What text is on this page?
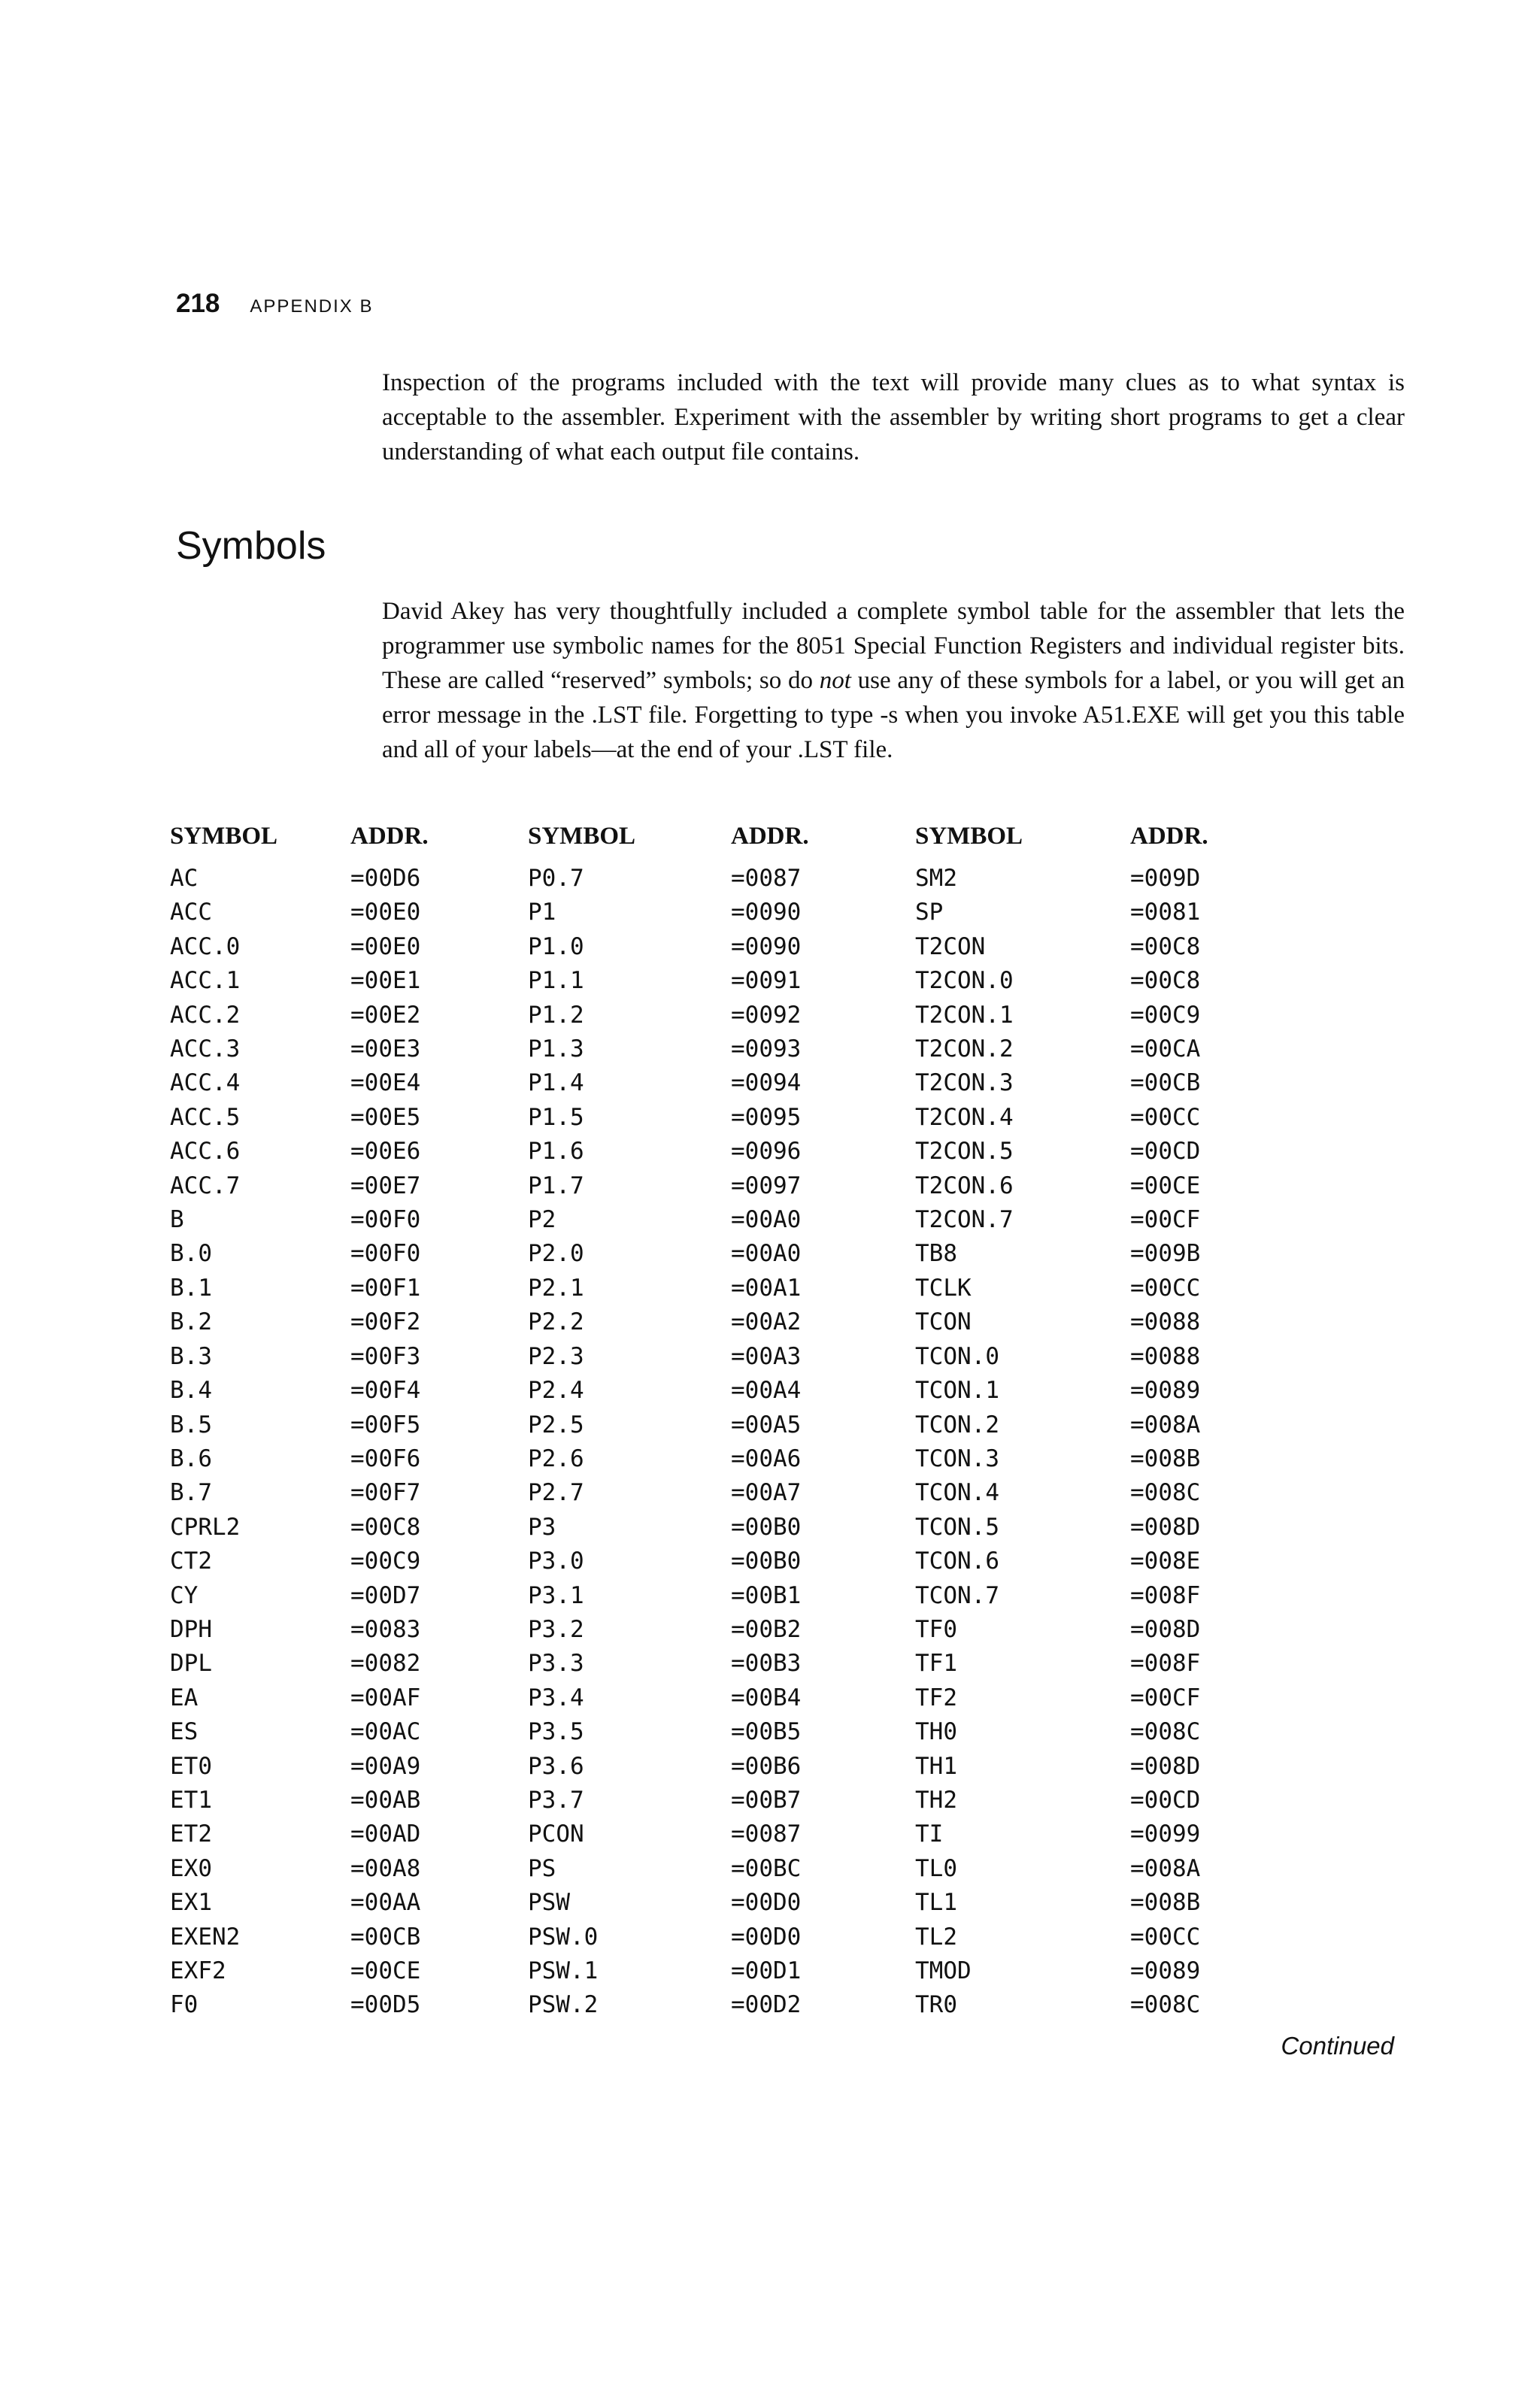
218 APPENDIX B

Inspection of the programs included with the text will provide many clues as to what syntax is acceptable to the assembler. Experiment with the assembler by writing short programs to get a clear understanding of what each output file contains.

Symbols

David Akey has very thoughtfully included a complete symbol table for the assembler that lets the programmer use symbolic names for the 8051 Special Function Registers and individual register bits. These are called “reserved” symbols; so do not use any of these symbols for a label, or you will get an error message in the .LST file. Forgetting to type -s when you invoke A51.EXE will get you this table and all of your labels—at the end of your .LST file.

SYMBOL	ADDR.	SYMBOL	ADDR.	SYMBOL	ADDR.
AC	=00D6	P0.7	=0087	SM2	=009D
ACC	=00E0	P1	=0090	SP	=0081
ACC.0	=00E0	P1.0	=0090	T2CON	=00C8
ACC.1	=00E1	P1.1	=0091	T2CON.0	=00C8
ACC.2	=00E2	P1.2	=0092	T2CON.1	=00C9
ACC.3	=00E3	P1.3	=0093	T2CON.2	=00CA
ACC.4	=00E4	P1.4	=0094	T2CON.3	=00CB
ACC.5	=00E5	P1.5	=0095	T2CON.4	=00CC
ACC.6	=00E6	P1.6	=0096	T2CON.5	=00CD
ACC.7	=00E7	P1.7	=0097	T2CON.6	=00CE
B	=00F0	P2	=00A0	T2CON.7	=00CF
B.0	=00F0	P2.0	=00A0	TB8	=009B
B.1	=00F1	P2.1	=00A1	TCLK	=00CC
B.2	=00F2	P2.2	=00A2	TCON	=0088
B.3	=00F3	P2.3	=00A3	TCON.0	=0088
B.4	=00F4	P2.4	=00A4	TCON.1	=0089
B.5	=00F5	P2.5	=00A5	TCON.2	=008A
B.6	=00F6	P2.6	=00A6	TCON.3	=008B
B.7	=00F7	P2.7	=00A7	TCON.4	=008C
CPRL2	=00C8	P3	=00B0	TCON.5	=008D
CT2	=00C9	P3.0	=00B0	TCON.6	=008E
CY	=00D7	P3.1	=00B1	TCON.7	=008F
DPH	=0083	P3.2	=00B2	TF0	=008D
DPL	=0082	P3.3	=00B3	TF1	=008F
EA	=00AF	P3.4	=00B4	TF2	=00CF
ES	=00AC	P3.5	=00B5	TH0	=008C
ET0	=00A9	P3.6	=00B6	TH1	=008D
ET1	=00AB	P3.7	=00B7	TH2	=00CD
ET2	=00AD	PCON	=0087	TI	=0099
EX0	=00A8	PS	=00BC	TL0	=008A
EX1	=00AA	PSW	=00D0	TL1	=008B
EXEN2	=00CB	PSW.0	=00D0	TL2	=00CC
EXF2	=00CE	PSW.1	=00D1	TMOD	=0089
F0	=00D5	PSW.2	=00D2	TR0	=008C
Continued
